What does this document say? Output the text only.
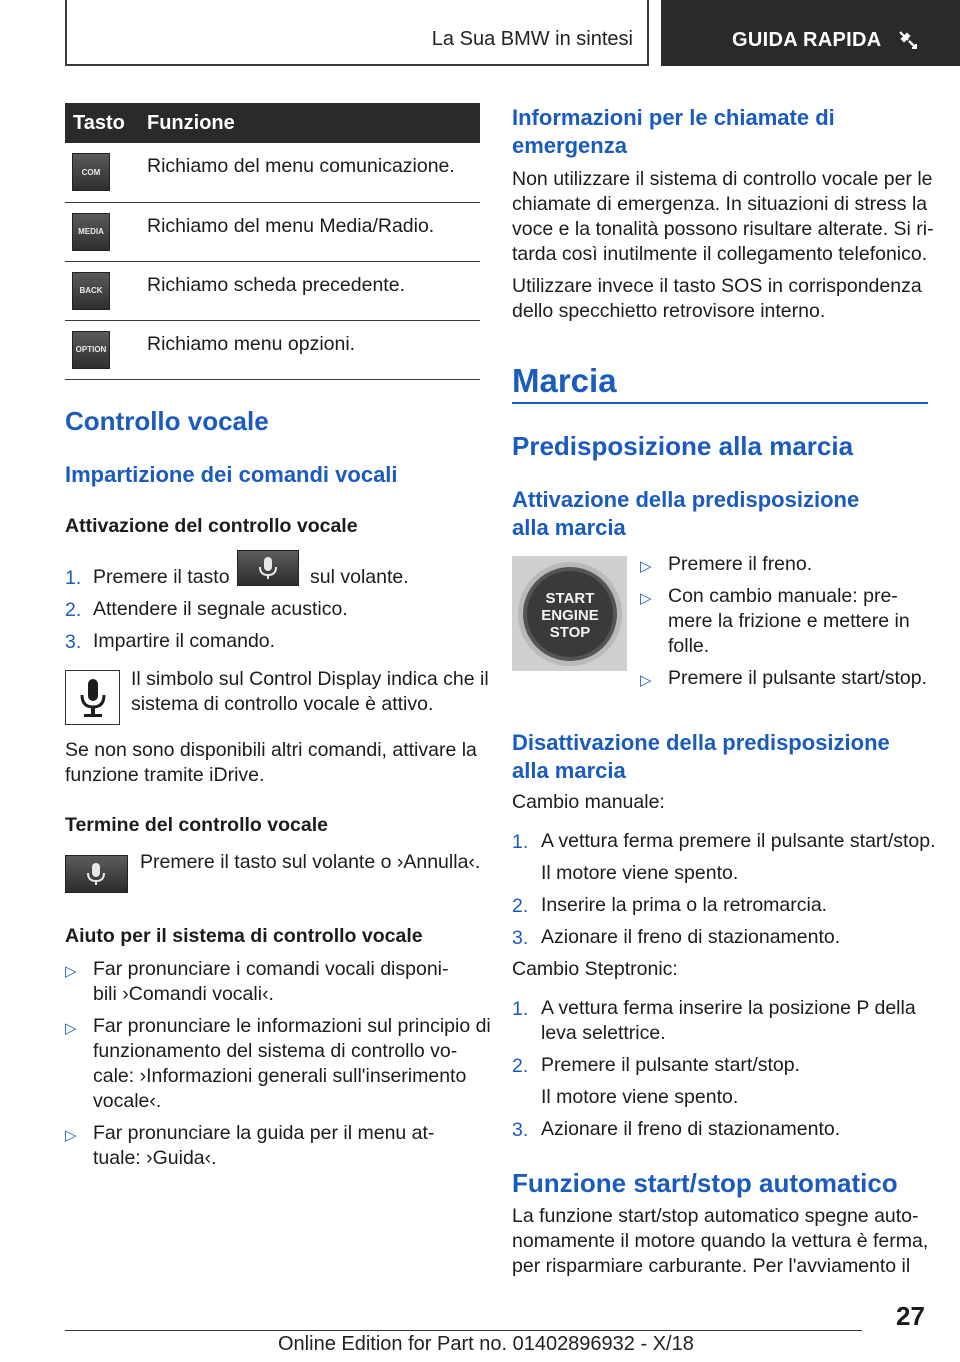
La Sua BMW in sintesi	GUIDA RAPIDA
Tasto	Funzione

COM	Richiamo del menu comunicazione.

MEDIA	Richiamo del menu Media/Radio.

BACK	Richiamo scheda precedente.

OPTION	Richiamo menu opzioni.
Controllo vocale
Impartizione dei comandi vocali

Attivazione del controllo vocale

1. Premere il tasto	sul volante.
2. Attendere il segnale acustico.
3. Impartire il comando.
Il simbolo sul Control Display indica che il
sistema di controllo vocale è attivo.
Se non sono disponibili altri comandi, attivare la
funzione tramite iDrive.

Termine del controllo vocale

Premere il tasto sul volante o ›Annulla‹.

Aiuto per il sistema di controllo vocale

▷ Far pronunciare i comandi vocali disponi-
bili ›Comandi vocali‹.
▷ Far pronunciare le informazioni sul principio di
funzionamento del sistema di controllo vo-
cale: ›Informazioni generali sull'inserimento
vocale‹.
▷ Far pronunciare la guida per il menu at-
tuale: ›Guida‹.
Informazioni per le chiamate di
emergenza
Non utilizzare il sistema di controllo vocale per le
chiamate di emergenza. In situazioni di stress la
voce e la tonalità possono risultare alterate. Si ri-
tarda così inutilmente il collegamento telefonico.
Utilizzare invece il tasto SOS in corrispondenza
dello specchietto retrovisore interno.
Marcia
Predisposizione alla marcia
Attivazione della predisposizione
alla marcia
START
ENGINE
STOP
▷ Premere il freno.
▷ Con cambio manuale: pre-
mere la frizione e mettere in
folle.
▷ Premere il pulsante start/stop.
Disattivazione della predisposizione
alla marcia
Cambio manuale:
1. A vettura ferma premere il pulsante start/stop.
Il motore viene spento.
2. Inserire la prima o la retromarcia.
3. Azionare il freno di stazionamento.
Cambio Steptronic:
1. A vettura ferma inserire la posizione P della
leva selettrice.
2. Premere il pulsante start/stop.
Il motore viene spento.
3. Azionare il freno di stazionamento.
Funzione start/stop automatico
La funzione start/stop automatico spegne auto-
nomamente il motore quando la vettura è ferma,
per risparmiare carburante. Per l'avviamento il
27
Online Edition for Part no. 01402896932 - X/18
